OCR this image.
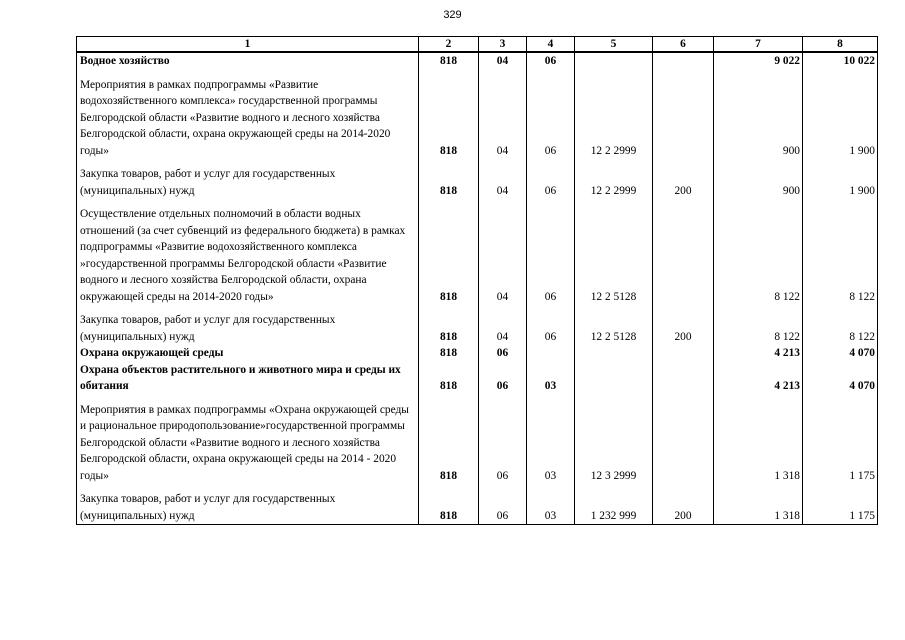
329
1	2	3	4	5	6	7	8
Водное хозяйство	818	04	06			9 022	10 022

Мероприятия в рамках подпрограммы «Развитие водохозяйственного комплекса» государственной программы Белгородской области «Развитие водного и лесного хозяйства Белгородской области, охрана окружающей среды на 2014-2020 годы»	818	04	06	12 2 2999		900	1 900

Закупка товаров, работ и услуг для государственных (муниципальных) нужд	818	04	06	12 2 2999	200	900	1 900

Осуществление отдельных полномочий в области водных отношений (за счет субвенций из федерального бюджета) в рамках подпрограммы «Развитие водохозяйственного комплекса »государственной программы Белгородской области «Развитие водного и лесного хозяйства Белгородской области, охрана окружающей среды на 2014-2020 годы»	818	04	06	12 2 5128		8 122	8 122

Закупка товаров, работ и услуг для государственных (муниципальных) нужд	818	04	06	12 2 5128	200	8 122	8 122
Охрана окружающей среды	818	06				4 213	4 070
Охрана объектов растительного и животного мира и среды их обитания	818	06	03			4 213	4 070

Мероприятия в рамках подпрограммы «Охрана окружающей среды и рациональное природопользование»государственной программы Белгородской области «Развитие водного и лесного хозяйства Белгородской области, охрана окружающей среды на 2014 - 2020 годы»	818	06	03	12 3 2999		1 318	1 175

Закупка товаров, работ и услуг для государственных (муниципальных) нужд	818	06	03	1 232 999	200	1 318	1 175
